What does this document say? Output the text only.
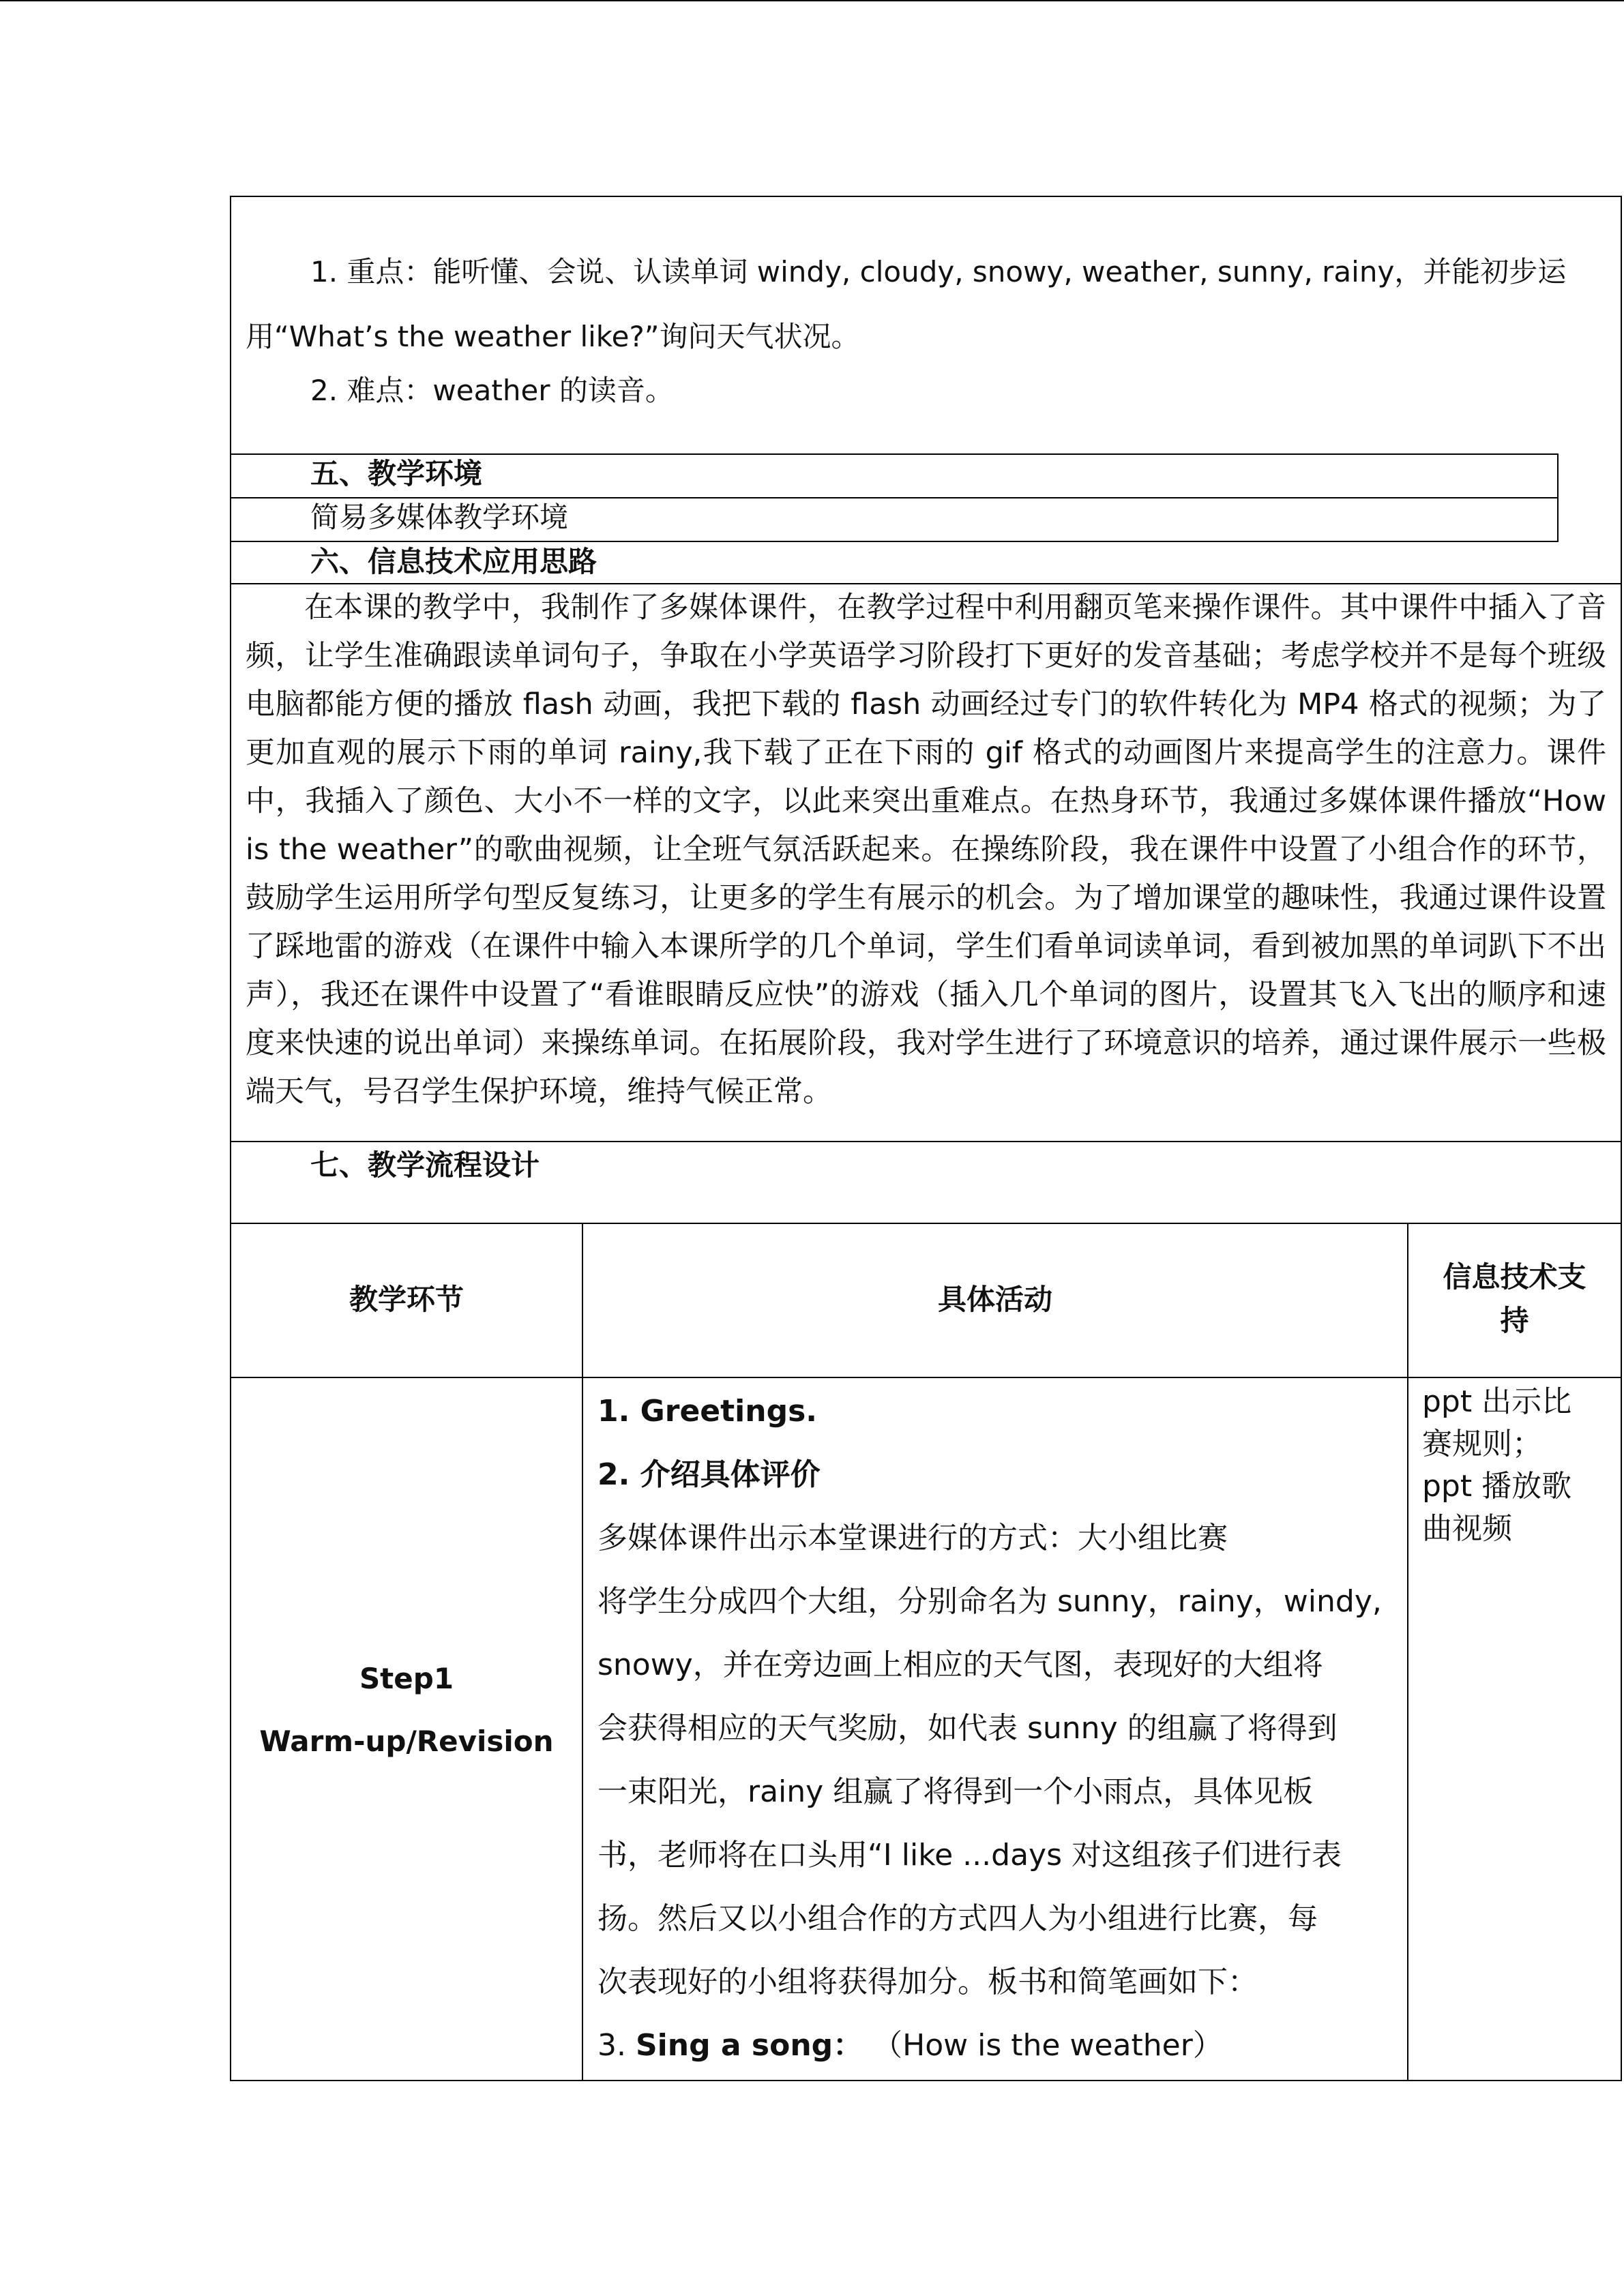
1. 重点：能听懂、会说、认读单词 windy, cloudy, snowy, weather, sunny, rainy，并能初步运
用“What’s the weather like?”询问天气状况。
2. 难点：weather 的读音。
五、教学环境
简易多媒体教学环境
六、信息技术应用思路
在本课的教学中，我制作了多媒体课件，在教学过程中利用翻页笔来操作课件。其中课件中插入了音频，让学生准确跟读单词句子，争取在小学英语学习阶段打下更好的发音基础；考虑学校并不是每个班级电脑都能方便的播放 flash 动画，我把下载的 flash 动画经过专门的软件转化为 MP4 格式的视频；为了更加直观的展示下雨的单词 rainy,我下载了正在下雨的 gif 格式的动画图片来提高学生的注意力。课件中，我插入了颜色、大小不一样的文字，以此来突出重难点。在热身环节，我通过多媒体课件播放“How is the weather”的歌曲视频，让全班气氛活跃起来。在操练阶段，我在课件中设置了小组合作的环节，鼓励学生运用所学句型反复练习，让更多的学生有展示的机会。为了增加课堂的趣味性，我通过课件设置了踩地雷的游戏（在课件中输入本课所学的几个单词，学生们看单词读单词，看到被加黑的单词趴下不出声），我还在课件中设置了“看谁眼睛反应快”的游戏（插入几个单词的图片，设置其飞入飞出的顺序和速度来快速的说出单词）来操练单词。在拓展阶段，我对学生进行了环境意识的培养，通过课件展示一些极端天气，号召学生保护环境，维持气候正常。
七、教学流程设计
教学环节	具体活动
信息技术支
持
Step1
Warm-up/Revision
1. Greetings.
2. 介绍具体评价
多媒体课件出示本堂课进行的方式：大小组比赛
将学生分成四个大组，分别命名为 sunny，rainy，windy,
snowy，并在旁边画上相应的天气图，表现好的大组将
会获得相应的天气奖励，如代表 sunny 的组赢了将得到
一束阳光，rainy 组赢了将得到一个小雨点，具体见板
书，老师将在口头用“I like ...days 对这组孩子们进行表
扬。然后又以小组合作的方式四人为小组进行比赛，每
次表现好的小组将获得加分。板书和简笔画如下：
3. Sing a song： （How is the weather）
ppt 出示比
赛规则；
ppt 播放歌
曲视频
